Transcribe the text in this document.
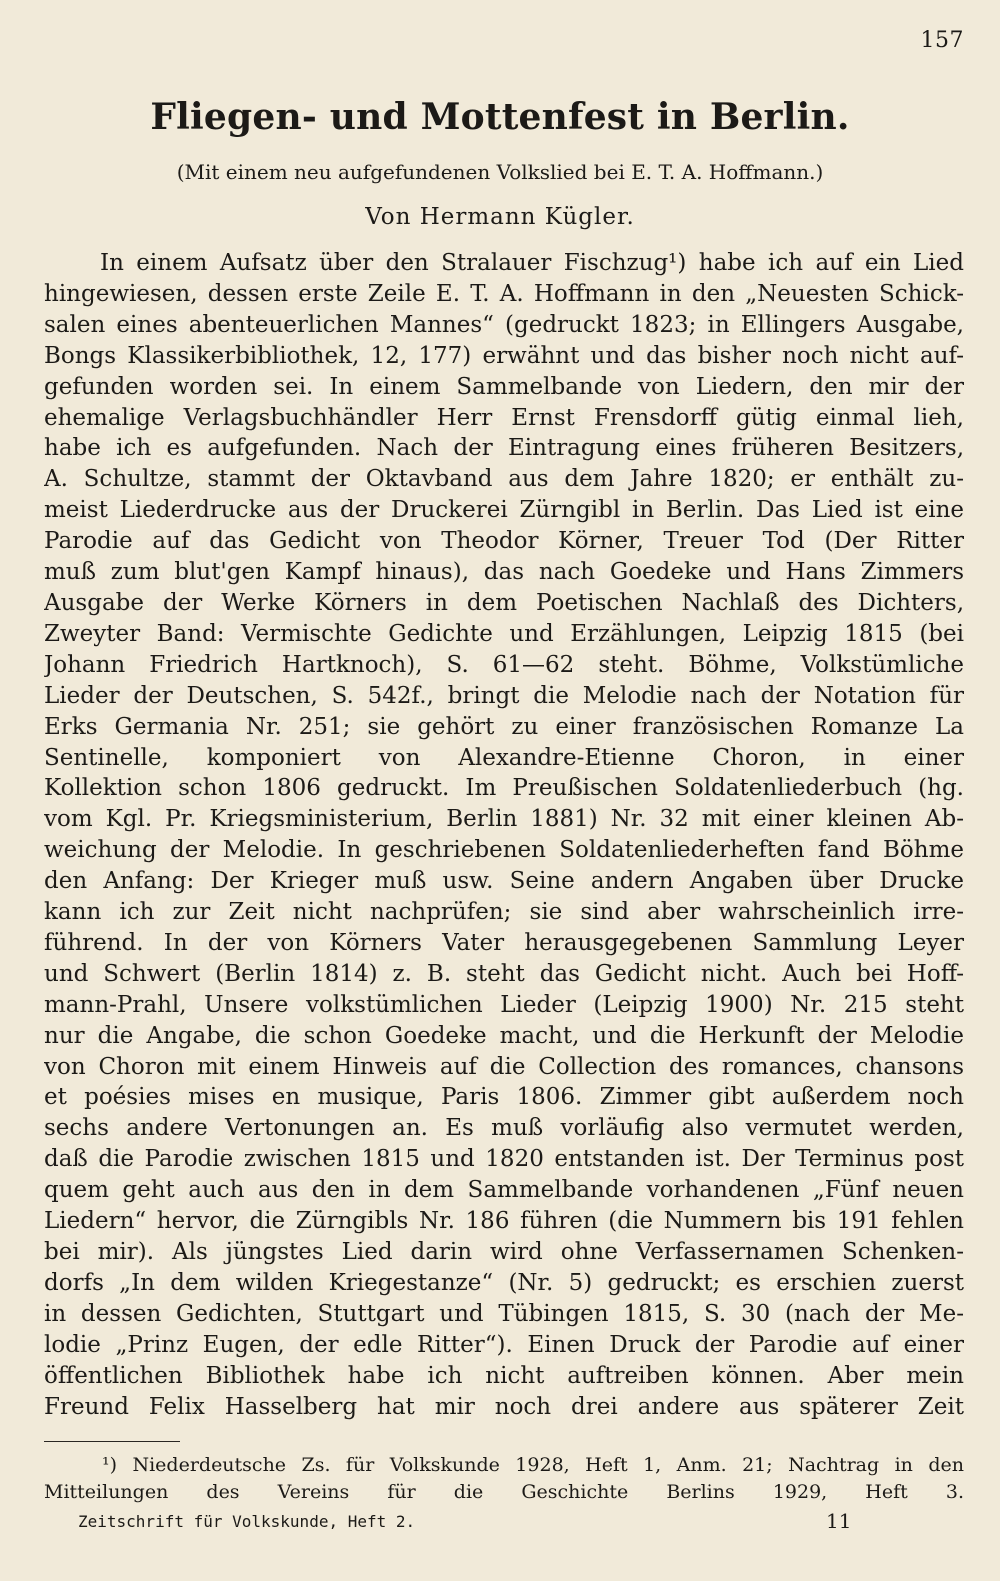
157
Fliegen- und Mottenfest in Berlin.
(Mit einem neu aufgefundenen Volkslied bei E. T. A. Hoffmann.)
Von Hermann Kügler.
In einem Aufsatz über den Stralauer Fischzug¹) habe ich auf ein Lied
hingewiesen, dessen erste Zeile E. T. A. Hoffmann in den „Neuesten Schick-
salen eines abenteuerlichen Mannes“ (gedruckt 1823; in Ellingers Ausgabe,
Bongs Klassikerbibliothek, 12, 177) erwähnt und das bisher noch nicht auf-
gefunden worden sei. In einem Sammelbande von Liedern, den mir der
ehemalige Verlagsbuchhändler Herr Ernst Frensdorff gütig einmal lieh,
habe ich es aufgefunden. Nach der Eintragung eines früheren Besitzers,
A. Schultze, stammt der Oktavband aus dem Jahre 1820; er enthält zu-
meist Liederdrucke aus der Druckerei Zürngibl in Berlin. Das Lied ist eine
Parodie auf das Gedicht von Theodor Körner, Treuer Tod (Der Ritter
muß zum blut'gen Kampf hinaus), das nach Goedeke und Hans Zimmers
Ausgabe der Werke Körners in dem Poetischen Nachlaß des Dichters,
Zweyter Band: Vermischte Gedichte und Erzählungen, Leipzig 1815 (bei
Johann Friedrich Hartknoch), S. 61—62 steht. Böhme, Volkstümliche
Lieder der Deutschen, S. 542f., bringt die Melodie nach der Notation für
Erks Germania Nr. 251; sie gehört zu einer französischen Romanze La
Sentinelle, komponiert von Alexandre-Etienne Choron, in einer
Kollektion schon 1806 gedruckt. Im Preußischen Soldatenliederbuch (hg.
vom Kgl. Pr. Kriegsministerium, Berlin 1881) Nr. 32 mit einer kleinen Ab-
weichung der Melodie. In geschriebenen Soldatenliederheften fand Böhme
den Anfang: Der Krieger muß usw. Seine andern Angaben über Drucke
kann ich zur Zeit nicht nachprüfen; sie sind aber wahrscheinlich irre-
führend. In der von Körners Vater herausgegebenen Sammlung Leyer
und Schwert (Berlin 1814) z. B. steht das Gedicht nicht. Auch bei Hoff-
mann-Prahl, Unsere volkstümlichen Lieder (Leipzig 1900) Nr. 215 steht
nur die Angabe, die schon Goedeke macht, und die Herkunft der Melodie
von Choron mit einem Hinweis auf die Collection des romances, chansons
et poésies mises en musique, Paris 1806. Zimmer gibt außerdem noch
sechs andere Vertonungen an. Es muß vorläufig also vermutet werden,
daß die Parodie zwischen 1815 und 1820 entstanden ist. Der Terminus post
quem geht auch aus den in dem Sammelbande vorhandenen „Fünf neuen
Liedern“ hervor, die Zürngibls Nr. 186 führen (die Nummern bis 191 fehlen
bei mir). Als jüngstes Lied darin wird ohne Verfassernamen Schenken-
dorfs „In dem wilden Kriegestanze“ (Nr. 5) gedruckt; es erschien zuerst
in dessen Gedichten, Stuttgart und Tübingen 1815, S. 30 (nach der Me-
lodie „Prinz Eugen, der edle Ritter“). Einen Druck der Parodie auf einer
öffentlichen Bibliothek habe ich nicht auftreiben können. Aber mein
Freund Felix Hasselberg hat mir noch drei andere aus späterer Zeit
¹) Niederdeutsche Zs. für Volkskunde 1928, Heft 1, Anm. 21; Nachtrag in den
Mitteilungen des Vereins für die Geschichte Berlins 1929, Heft 3.
Zeitschrift für Volkskunde, Heft 2.	11
